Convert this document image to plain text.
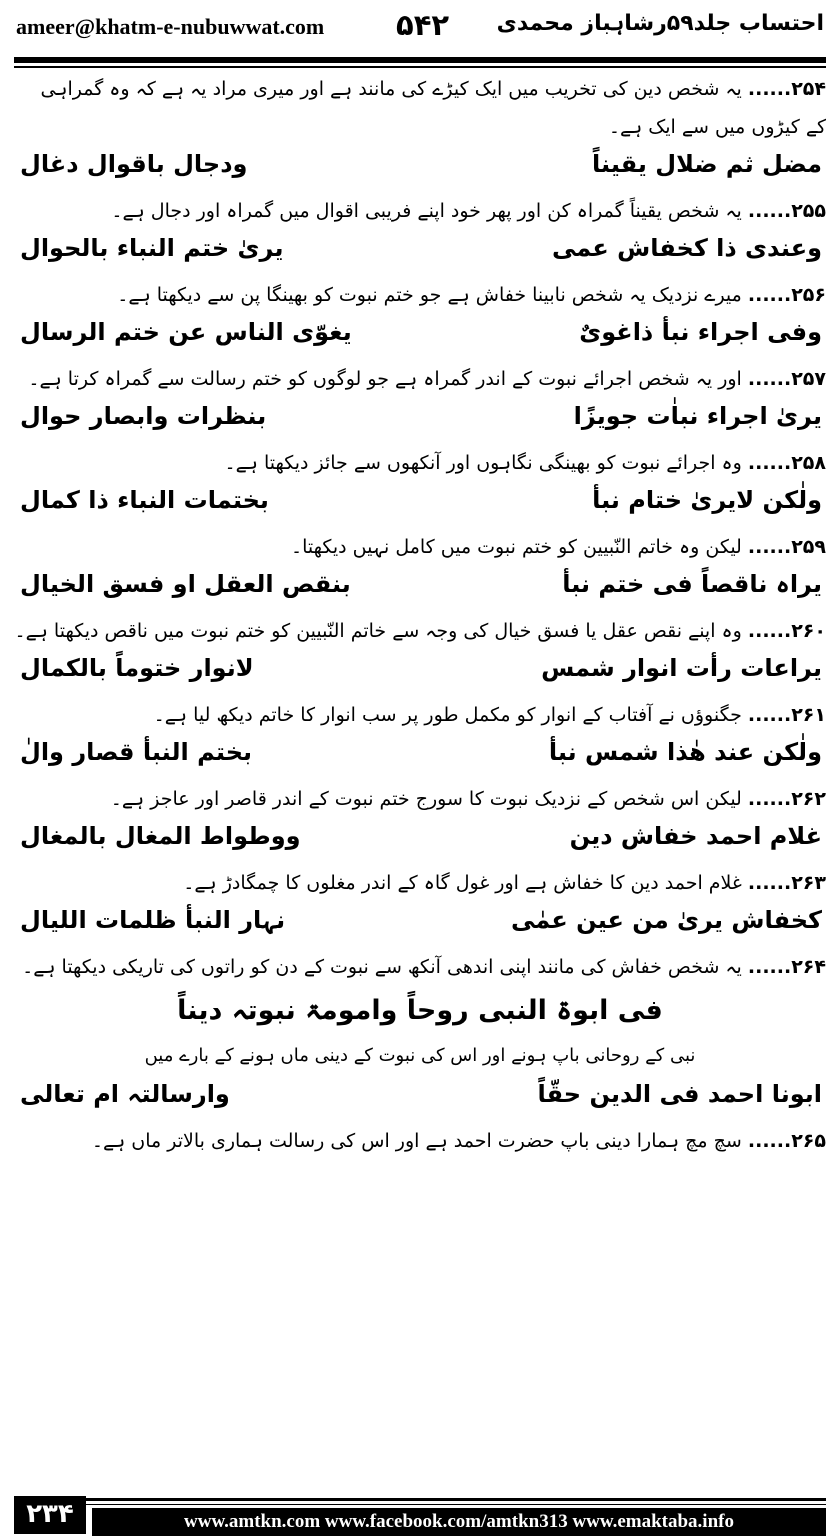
ameer@khatm-e-nubuwwat.com ۵۴۲ احتساب جلد۵۹رشاہباز محمدی
۲۵۴...... یہ شخص دین کی تخریب میں ایک کیڑے کی مانند ہے اور میری مراد یہ ہے کہ وہ گمراہی
کے کیڑوں میں سے ایک ہے۔
مضل ثم ضلال یقیناً
ودجال باقوال دغال
۲۵۵...... یہ شخص یقیناً گمراہ کن اور پھر خود اپنے فریبی اقوال میں گمراہ اور دجال ہے۔
وعندی ذا کخفاش عمی
یریٰ ختم النباء بالحوال
۲۵۶...... میرے نزدیک یہ شخص نابینا خفاش ہے جو ختم نبوت کو بھینگا پن سے دیکھتا ہے۔
وفی اجراء نبأ ذاغویٌ
یغوّی الناس عن ختم الرسال
۲۵۷...... اور یہ شخص اجرائے نبوت کے اندر گمراہ ہے جو لوگوں کو ختم رسالت سے گمراہ کرتا ہے۔
یریٰ اجراء نباٰت جویزًا
بنظرات وابصار حوال
۲۵۸...... وہ اجرائے نبوت کو بھینگی نگاہوں اور آنکھوں سے جائز دیکھتا ہے۔
ولٰکن لایریٰ ختام نبأ
بختمات النباء ذا کمال
۲۵۹...... لیکن وہ خاتم النّبیین کو ختم نبوت میں کامل نہیں دیکھتا۔
یراہ ناقصاً فی ختم نبأ
بنقص العقل او فسق الخیال
۲۶۰...... وہ اپنے نقص عقل یا فسق خیال کی وجہ سے خاتم النّبیین کو ختم نبوت میں ناقص دیکھتا ہے۔
یراعات رأت انوار شمس
لانوار ختوماً بالکمال
۲۶۱...... جگنوؤں نے آفتاب کے انوار کو مکمل طور پر سب انوار کا خاتم دیکھ لیا ہے۔
ولٰکن عند ھٰذا شمس نبأ
بختم النبأ قصار والٰ
۲۶۲...... لیکن اس شخص کے نزدیک نبوت کا سورج ختم نبوت کے اندر قاصر اور عاجز ہے۔
غلام احمد خفاش دین
ووطواط المغال بالمغال
۲۶۳...... غلام احمد دین کا خفاش ہے اور غول گاہ کے اندر مغلوں کا چمگادڑ ہے۔
کخفاش یریٰ من عین عمٰی
نہار النبأ ظلمات اللیال
۲۶۴...... یہ شخص خفاش کی مانند اپنی اندھی آنکھ سے نبوت کے دن کو راتوں کی تاریکی دیکھتا ہے۔
فی ابوۃ النبی روحاً وامومۃ نبوتہ دیناً
نبی کے روحانی باپ ہونے اور اس کی نبوت کے دینی ماں ہونے کے بارے میں
ابونا احمد فی الدین حقّاً
وارسالتہ ام تعالی
۲۶۵...... سچ مچ ہمارا دینی باپ حضرت احمد ہے اور اس کی رسالت ہماری بالاتر ماں ہے۔
۲۳۴	www.amtkn.com www.facebook.com/amtkn313 www.emaktaba.info
